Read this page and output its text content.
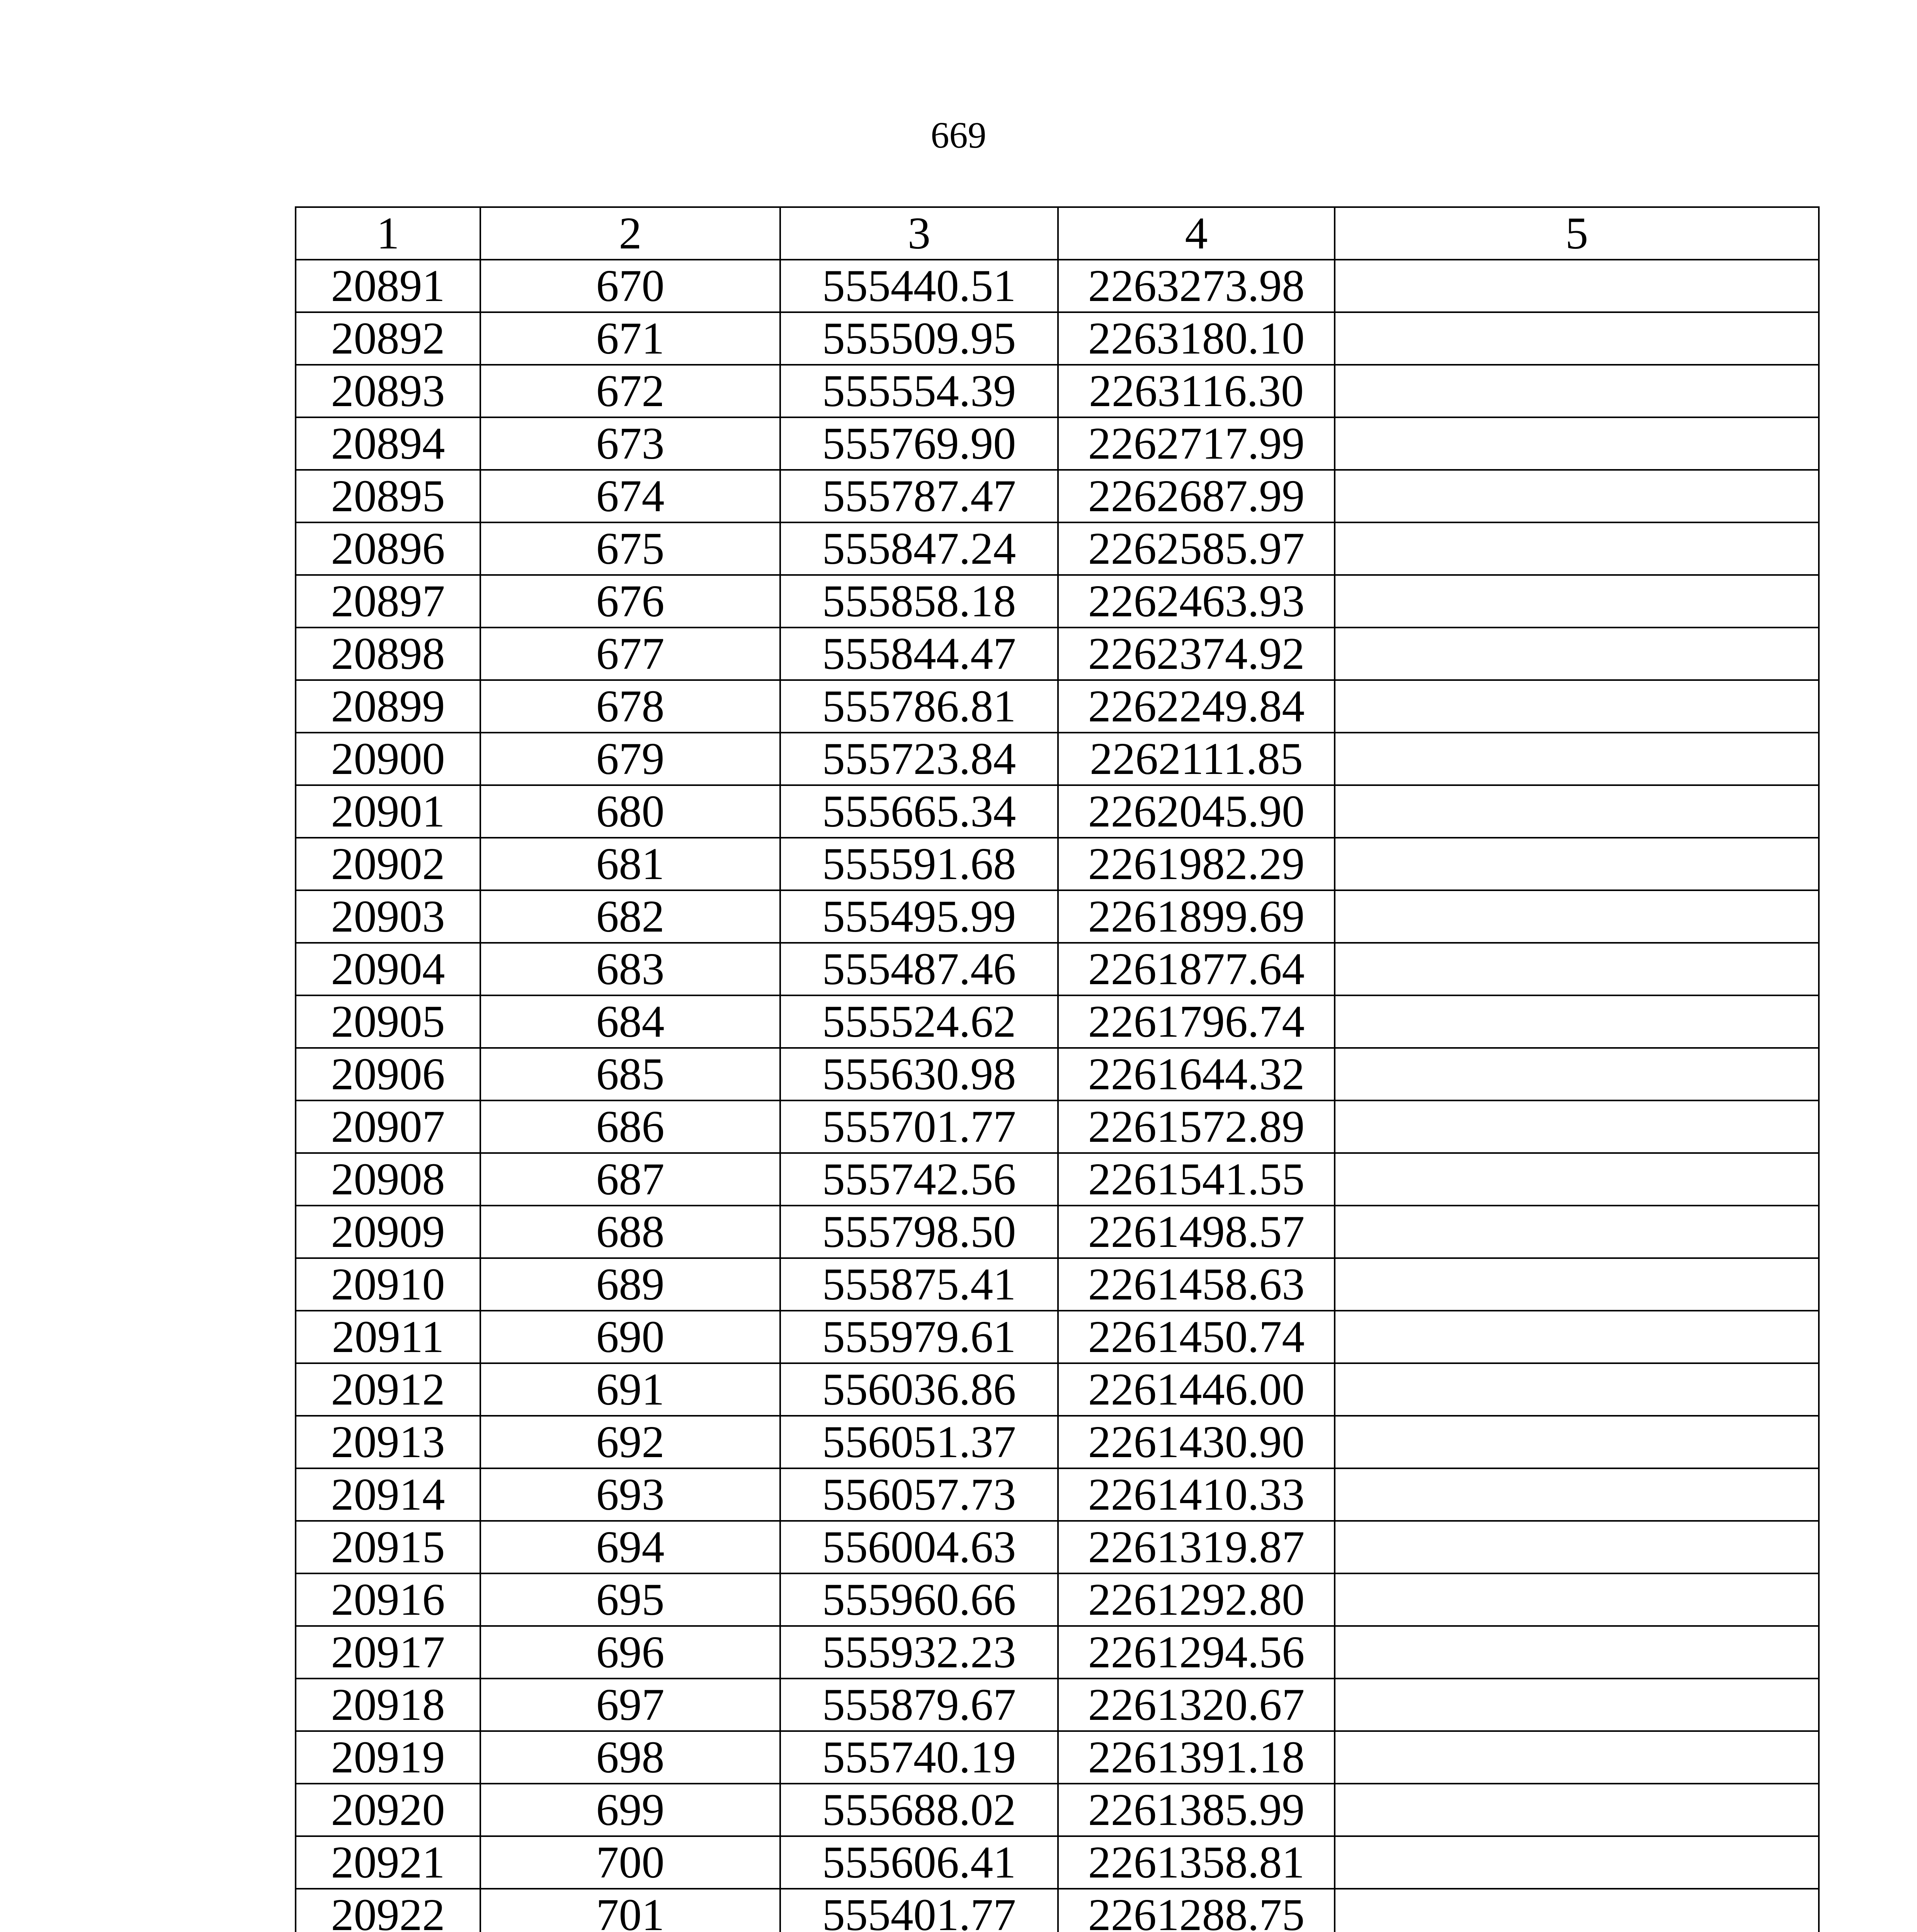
669
1	2	3	4	5
20891	670	555440.51	2263273.98	
20892	671	555509.95	2263180.10	
20893	672	555554.39	2263116.30	
20894	673	555769.90	2262717.99	
20895	674	555787.47	2262687.99	
20896	675	555847.24	2262585.97	
20897	676	555858.18	2262463.93	
20898	677	555844.47	2262374.92	
20899	678	555786.81	2262249.84	
20900	679	555723.84	2262111.85	
20901	680	555665.34	2262045.90	
20902	681	555591.68	2261982.29	
20903	682	555495.99	2261899.69	
20904	683	555487.46	2261877.64	
20905	684	555524.62	2261796.74	
20906	685	555630.98	2261644.32	
20907	686	555701.77	2261572.89	
20908	687	555742.56	2261541.55	
20909	688	555798.50	2261498.57	
20910	689	555875.41	2261458.63	
20911	690	555979.61	2261450.74	
20912	691	556036.86	2261446.00	
20913	692	556051.37	2261430.90	
20914	693	556057.73	2261410.33	
20915	694	556004.63	2261319.87	
20916	695	555960.66	2261292.80	
20917	696	555932.23	2261294.56	
20918	697	555879.67	2261320.67	
20919	698	555740.19	2261391.18	
20920	699	555688.02	2261385.99	
20921	700	555606.41	2261358.81	
20922	701	555401.77	2261288.75	
